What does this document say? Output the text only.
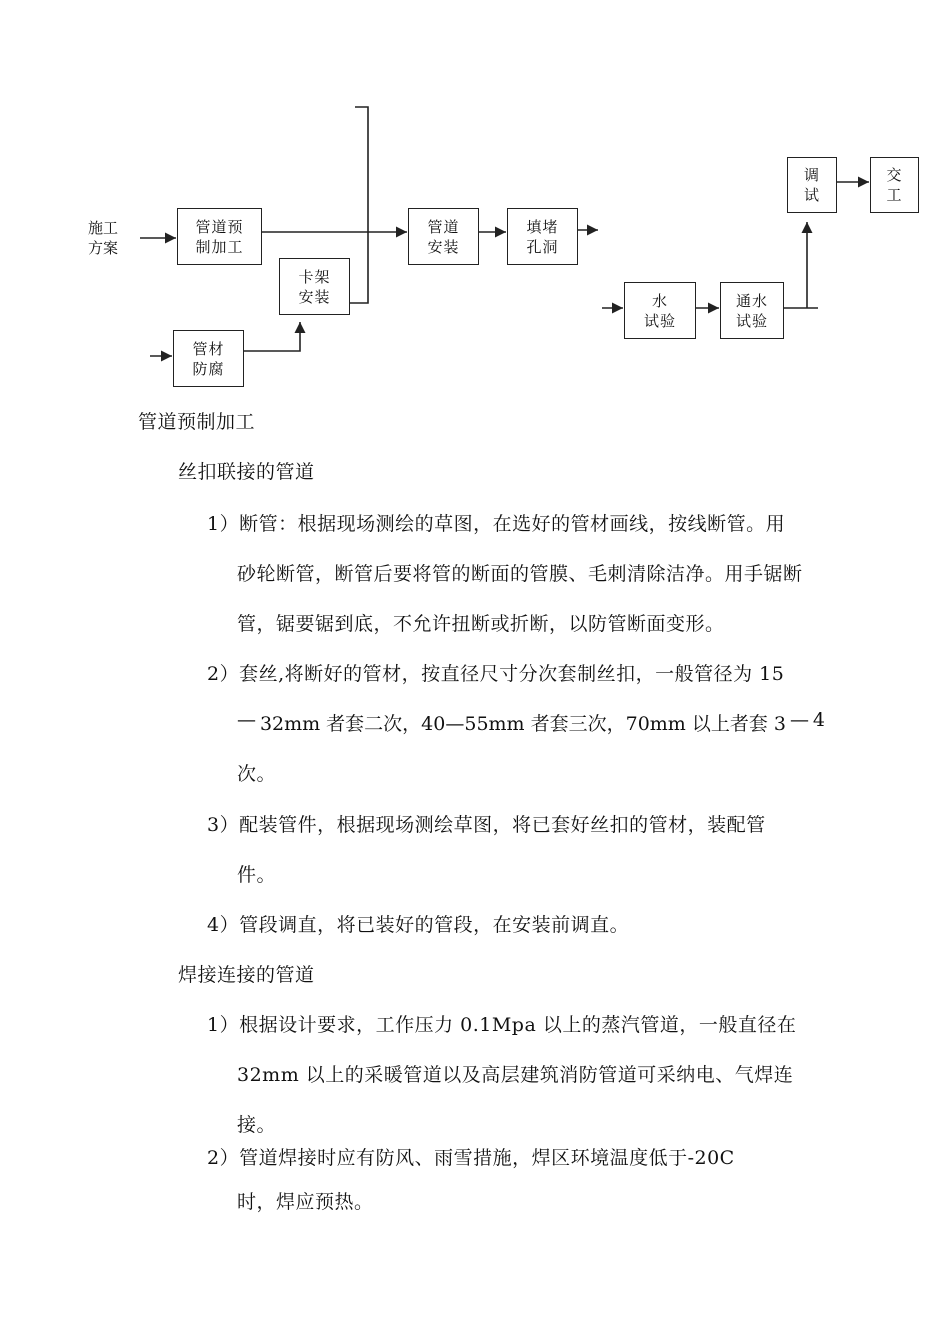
施工
方案
管道预
制加工
卡架
安装
管材
防腐
管道
安装
填堵
孔洞
水
试验
通水
试验
调
试
交
工
管道预制加工
丝扣联接的管道
1）断管：根据现场测绘的草图，在选好的管材画线，按线断管。用
砂轮断管，断管后要将管的断面的管膜、毛刺清除洁净。用手锯断
管，锯要锯到底，不允许扭断或折断，以防管断面变形。
2）套丝,将断好的管材，按直径尺寸分次套制丝扣，一般管径为 15
— 32mm 者套二次，40—55mm 者套三次，70mm 以上者套 3 — 4
次。
3）配装管件，根据现场测绘草图，将已套好丝扣的管材，装配管
件。
4）管段调直，将已装好的管段，在安装前调直。
焊接连接的管道
1）根据设计要求，工作压力 0.1Mpa 以上的蒸汽管道，一般直径在
32mm 以上的采暖管道以及高层建筑消防管道可采纳电、气焊连
接。
2）管道焊接时应有防风、雨雪措施，焊区环境温度低于-20C
时，焊应预热。
